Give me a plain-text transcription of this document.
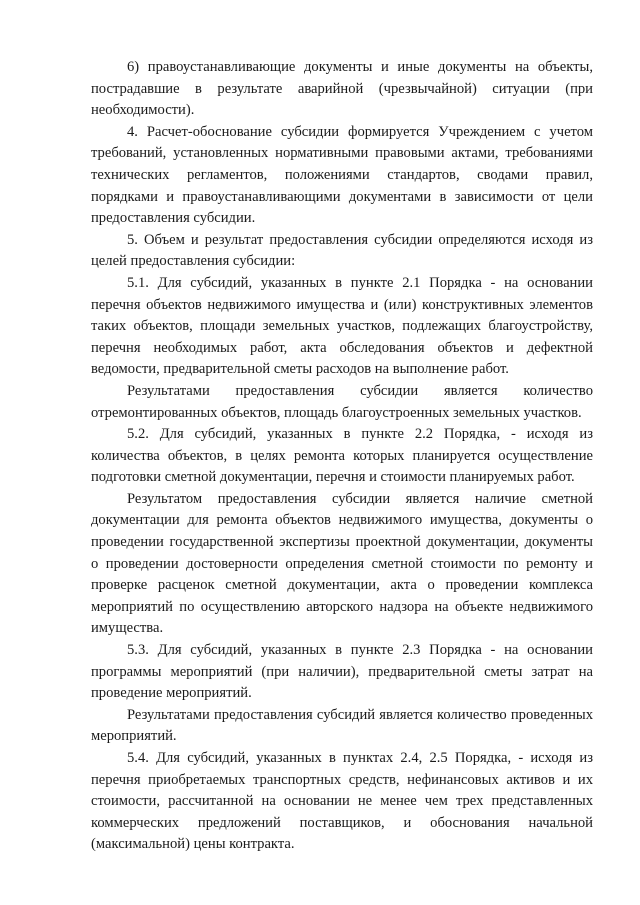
6) правоустанавливающие документы и иные документы на объекты, пострадавшие в результате аварийной (чрезвычайной) ситуации (при необходимости).

4. Расчет-обоснование субсидии формируется Учреждением с учетом требований, установленных нормативными правовыми актами, требованиями технических регламентов, положениями стандартов, сводами правил, порядками и правоустанавливающими документами в зависимости от цели предоставления субсидии.

5. Объем и результат предоставления субсидии определяются исходя из целей предоставления субсидии:

5.1. Для субсидий, указанных в пункте 2.1 Порядка - на основании перечня объектов недвижимого имущества и (или) конструктивных элементов таких объектов, площади земельных участков, подлежащих благоустройству, перечня необходимых работ, акта обследования объектов и дефектной ведомости, предварительной сметы расходов на выполнение работ.

Результатами предоставления субсидии является количество отремонтированных объектов, площадь благоустроенных земельных участков.

5.2. Для субсидий, указанных в пункте 2.2 Порядка, - исходя из количества объектов, в целях ремонта которых планируется осуществление подготовки сметной документации, перечня и стоимости планируемых работ.

Результатом предоставления субсидии является наличие сметной документации для ремонта объектов недвижимого имущества, документы о проведении государственной экспертизы проектной документации, документы о проведении достоверности определения сметной стоимости по ремонту и проверке расценок сметной документации, акта о проведении комплекса мероприятий по осуществлению авторского надзора на объекте недвижимого имущества.

5.3. Для субсидий, указанных в пункте 2.3 Порядка - на основании программы мероприятий (при наличии), предварительной сметы затрат на проведение мероприятий.

Результатами предоставления субсидий является количество проведенных мероприятий.

5.4. Для субсидий, указанных в пунктах 2.4, 2.5 Порядка, - исходя из перечня приобретаемых транспортных средств, нефинансовых активов и их стоимости, рассчитанной на основании не менее чем трех представленных коммерческих предложений поставщиков, и обоснования начальной (максимальной) цены контракта.
